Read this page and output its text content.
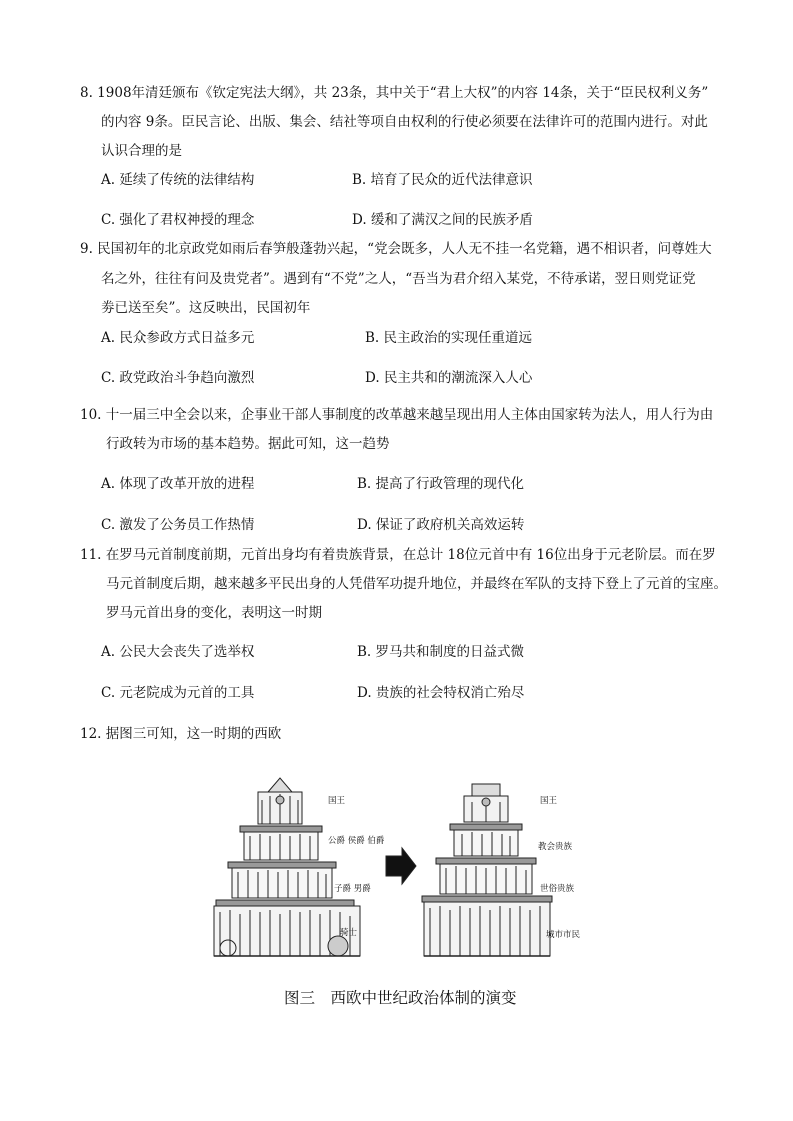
8. 1908年清廷颁布《钦定宪法大纲》，共 23条，其中关于“君上大权”的内容 14条，关于“臣民权利义务”
的内容 9条。臣民言论、出版、集会、结社等项自由权利的行使必须要在法律许可的范围内进行。对此
认识合理的是
A. 延续了传统的法律结构	B. 培育了民众的近代法律意识
C. 强化了君权神授的理念	D. 缓和了满汉之间的民族矛盾
9. 民国初年的北京政党如雨后春笋般蓬勃兴起，“党会既多，人人无不挂一名党籍，遇不相识者，问尊姓大
名之外，往往有问及贵党者”。遇到有“不党”之人，“吾当为君介绍入某党，不待承诺，翌日则党证党
劵已送至矣”。这反映出，民国初年
A. 民众参政方式日益多元	B. 民主政治的实现任重道远
C. 政党政治斗争趋向激烈	D. 民主共和的潮流深入人心
10. 十一届三中全会以来，企事业干部人事制度的改革越来越呈现出用人主体由国家转为法人，用人行为由
行政转为市场的基本趋势。据此可知，这一趋势
A. 体现了改革开放的进程	B. 提高了行政管理的现代化
C. 激发了公务员工作热情	D. 保证了政府机关高效运转
11. 在罗马元首制度前期，元首出身均有着贵族背景，在总计 18位元首中有 16位出身于元老阶层。而在罗
马元首制度后期，越来越多平民出身的人凭借军功提升地位，并最终在军队的支持下登上了元首的宝座。
罗马元首出身的变化，表明这一时期
A. 公民大会丧失了选举权	B. 罗马共和制度的日益式微
C. 元老院成为元首的工具	D. 贵族的社会特权消亡殆尽
12. 据图三可知，这一时期的西欧
国王
公爵 侯爵 伯爵
子爵 男爵
骑士
国王
教会贵族
世俗贵族
城市市民
图三　西欧中世纪政治体制的演变
